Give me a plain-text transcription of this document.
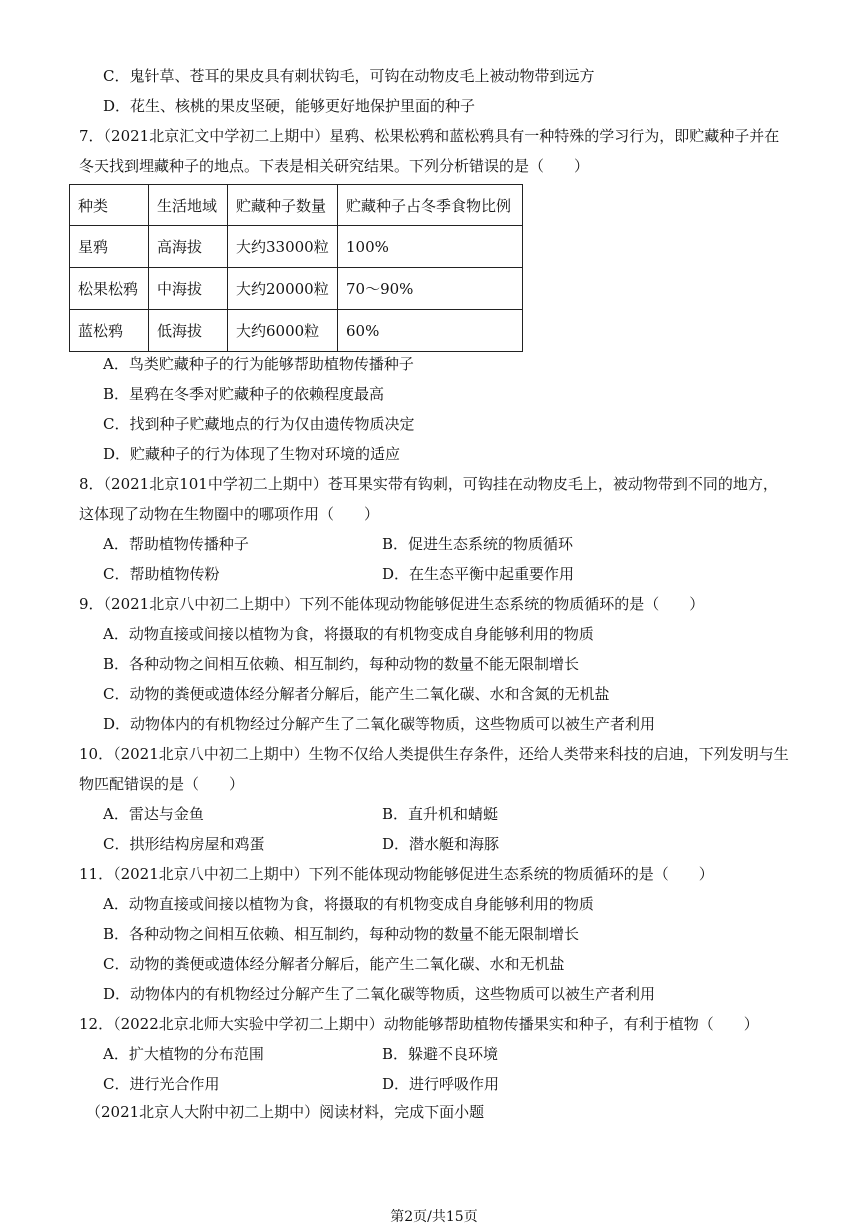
C．鬼针草、苍耳的果皮具有刺状钩毛，可钩在动物皮毛上被动物带到远方
D．花生、核桃的果皮坚硬，能够更好地保护里面的种子
7．（2021北京汇文中学初二上期中）星鸦、松果松鸦和蓝松鸦具有一种特殊的学习行为，即贮藏种子并在
冬天找到埋藏种子的地点。下表是相关研究结果。下列分析错误的是（　　）
种类	生活地域	贮藏种子数量	贮藏种子占冬季食物比例
星鸦	高海拔	大约33000粒	100%
松果松鸦	中海拔	大约20000粒	70～90%
蓝松鸦	低海拔	大约6000粒	60%
A．鸟类贮藏种子的行为能够帮助植物传播种子
B．星鸦在冬季对贮藏种子的依赖程度最高
C．找到种子贮藏地点的行为仅由遗传物质决定
D．贮藏种子的行为体现了生物对环境的适应
8．（2021北京101中学初二上期中）苍耳果实带有钩刺，可钩挂在动物皮毛上，被动物带到不同的地方，
这体现了动物在生物圈中的哪项作用（　　）
A．帮助植物传播种子	B．促进生态系统的物质循环
C．帮助植物传粉	D．在生态平衡中起重要作用
9．（2021北京八中初二上期中）下列不能体现动物能够促进生态系统的物质循环的是（　　）
A．动物直接或间接以植物为食，将摄取的有机物变成自身能够利用的物质
B．各种动物之间相互依赖、相互制约，每种动物的数量不能无限制增长
C．动物的粪便或遗体经分解者分解后，能产生二氧化碳、水和含氮的无机盐
D．动物体内的有机物经过分解产生了二氧化碳等物质，这些物质可以被生产者利用
10．（2021北京八中初二上期中）生物不仅给人类提供生存条件，还给人类带来科技的启迪，下列发明与生
物匹配错误的是（　　）
A．雷达与金鱼	B．直升机和蜻蜓
C．拱形结构房屋和鸡蛋	D．潜水艇和海豚
11．（2021北京八中初二上期中）下列不能体现动物能够促进生态系统的物质循环的是（　　）
A．动物直接或间接以植物为食，将摄取的有机物变成自身能够利用的物质
B．各种动物之间相互依赖、相互制约，每种动物的数量不能无限制增长
C．动物的粪便或遗体经分解者分解后，能产生二氧化碳、水和无机盐
D．动物体内的有机物经过分解产生了二氧化碳等物质，这些物质可以被生产者利用
12．（2022北京北师大实验中学初二上期中）动物能够帮助植物传播果实和种子，有利于植物（　　）
A．扩大植物的分布范围	B．躲避不良环境
C．进行光合作用	D．进行呼吸作用
（2021北京人大附中初二上期中）阅读材料，完成下面小题
第2页/共15页
